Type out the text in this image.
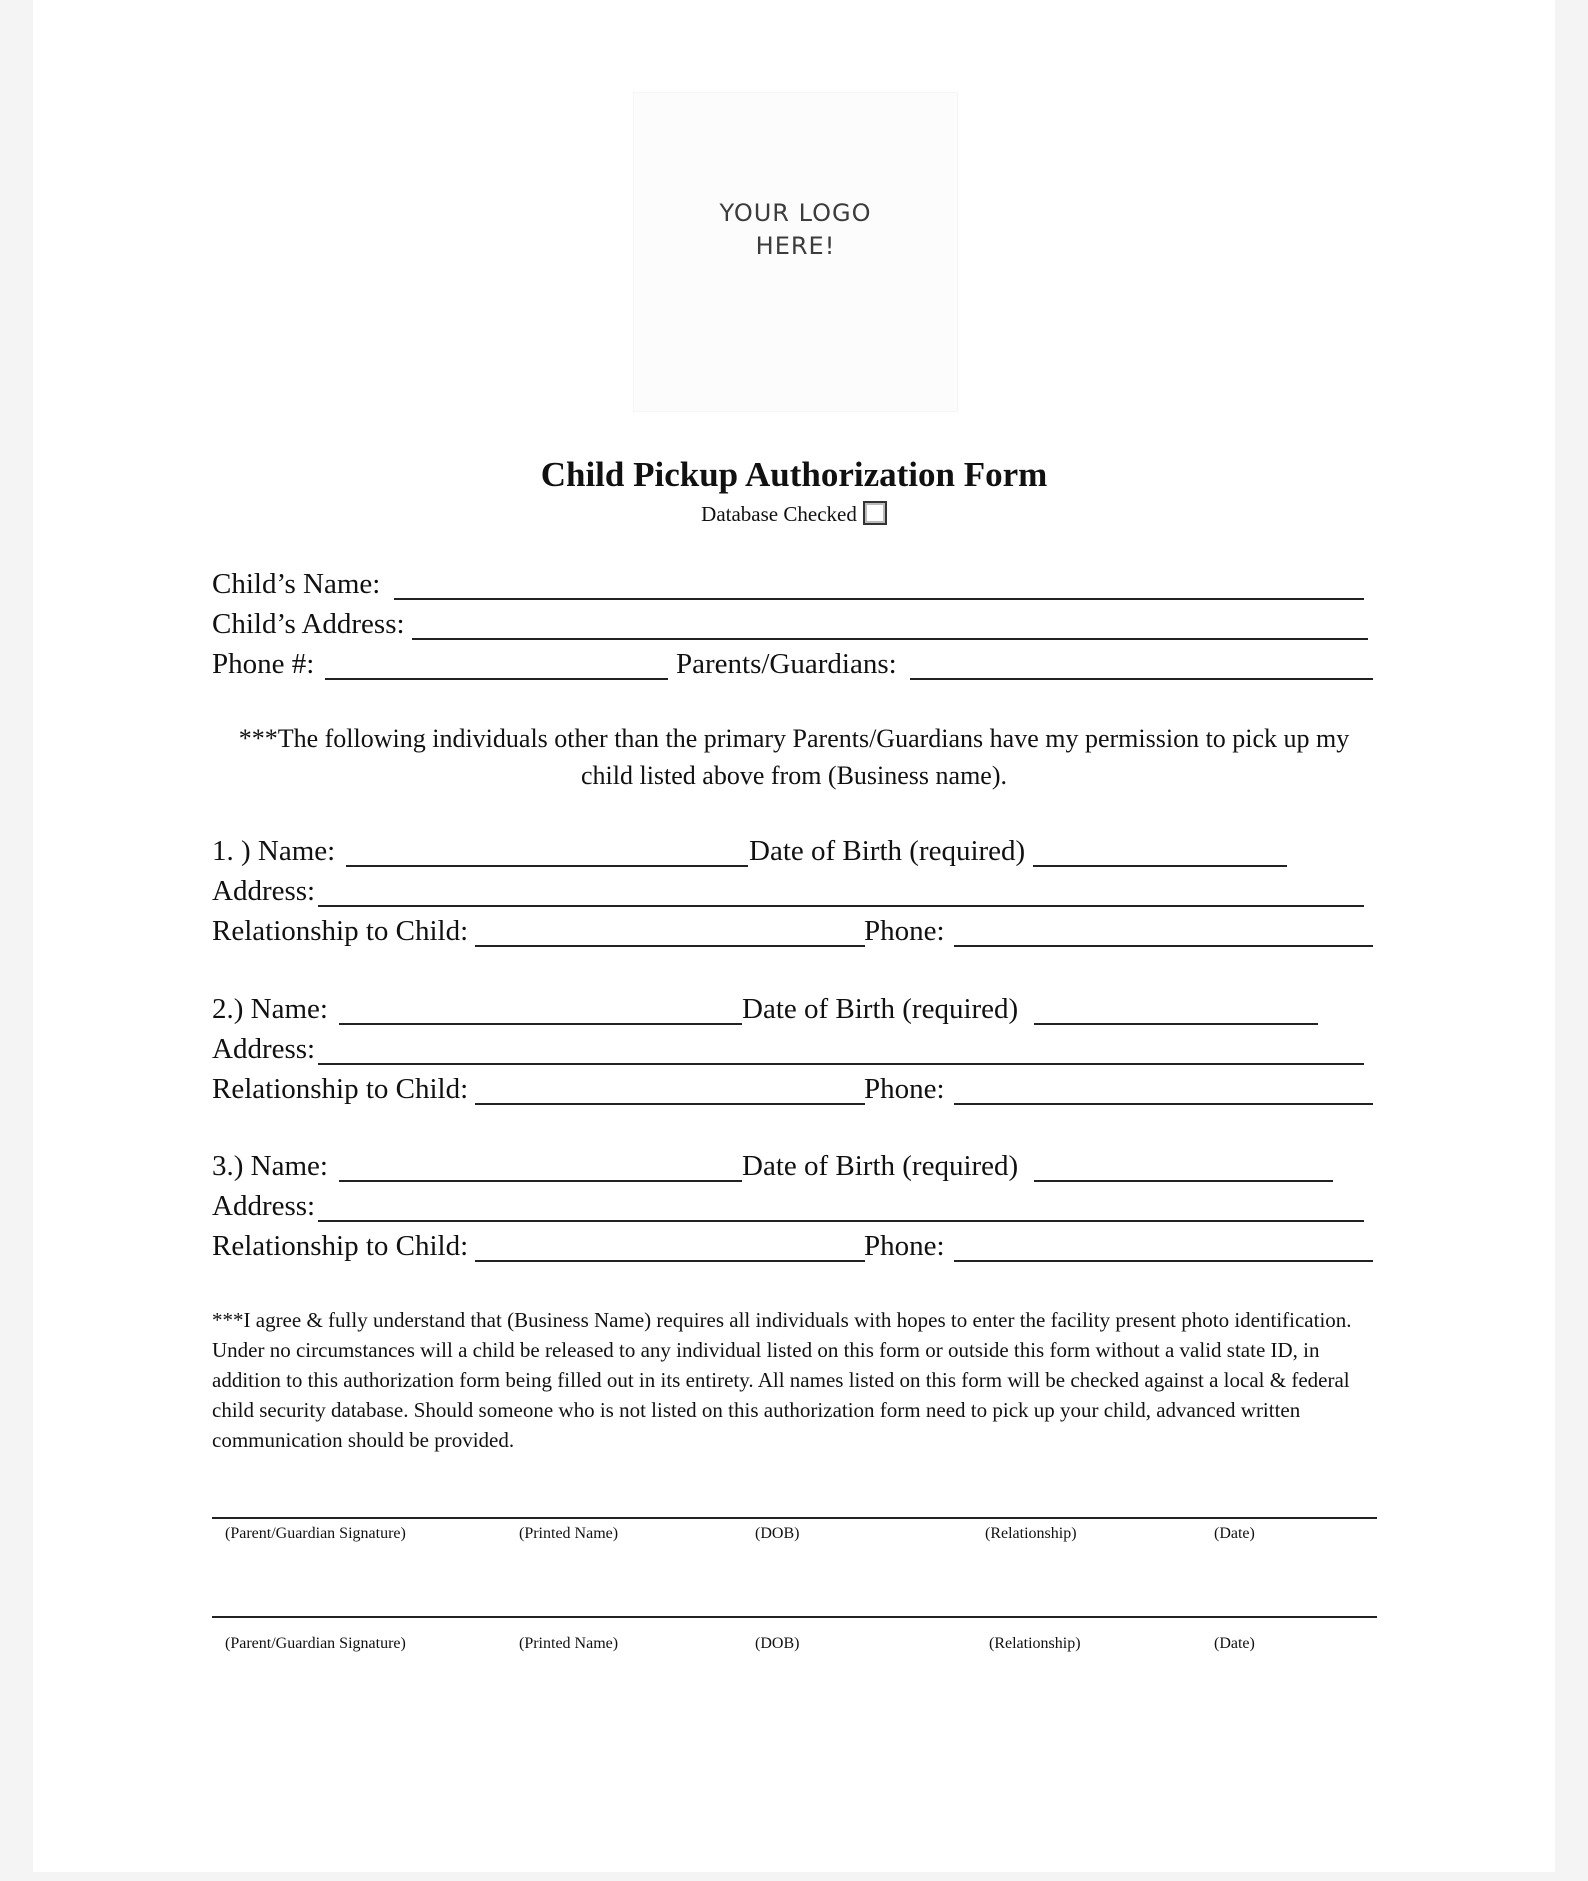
YOUR LOGO
HERE!
Child Pickup Authorization Form
Database Checked
Child’s Name:
Child’s Address:
Phone #:	Parents/Guardians:
***The following individuals other than the primary Parents/Guardians have my permission to pick up my child listed above from (Business name).
1. ) Name:	Date of Birth (required)
Address:
Relationship to Child:	Phone:
2.) Name:	Date of Birth (required)
Address:
Relationship to Child:	Phone:
3.) Name:	Date of Birth (required)
Address:
Relationship to Child:	Phone:
***I agree & fully understand that (Business Name) requires all individuals with hopes to enter the facility present photo identification. Under no circumstances will a child be released to any individual listed on this form or outside this form without a valid state ID, in addition to this authorization form being filled out in its entirety. All names listed on this form will be checked against a local & federal child security database. Should someone who is not listed on this authorization form need to pick up your child, advanced written communication should be provided.
(Parent/Guardian Signature)	(Printed Name)	(DOB)	(Relationship)	(Date)
(Parent/Guardian Signature)	(Printed Name)	(DOB)	(Relationship)	(Date)
